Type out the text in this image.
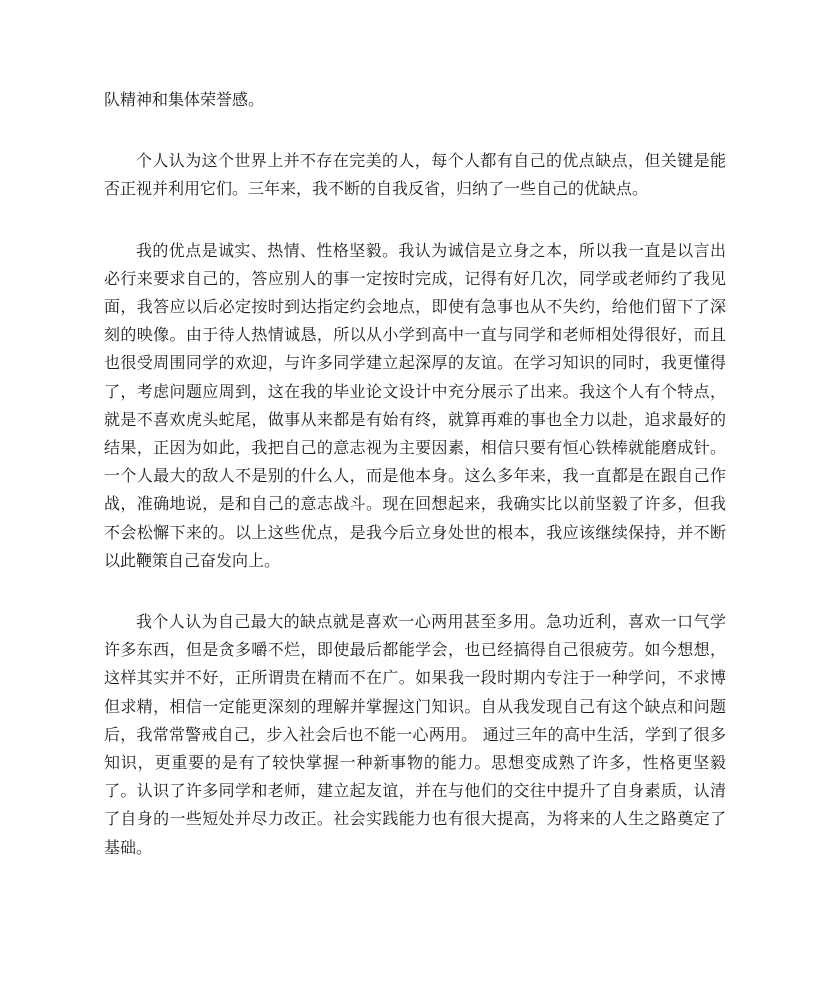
队精神和集体荣誉感。

个人认为这个世界上并不存在完美的人，每个人都有自己的优点缺点，但关键是能否正视并利用它们。三年来，我不断的自我反省，归纳了一些自己的优缺点。

我的优点是诚实、热情、性格坚毅。我认为诚信是立身之本，所以我一直是以言出必行来要求自己的，答应别人的事一定按时完成，记得有好几次，同学或老师约了我见面，我答应以后必定按时到达指定约会地点，即使有急事也从不失约，给他们留下了深刻的映像。由于待人热情诚恳，所以从小学到高中一直与同学和老师相处得很好，而且也很受周围同学的欢迎，与许多同学建立起深厚的友谊。在学习知识的同时，我更懂得了，考虑问题应周到，这在我的毕业论文设计中充分展示了出来。我这个人有个特点，就是不喜欢虎头蛇尾，做事从来都是有始有终，就算再难的事也全力以赴，追求最好的结果，正因为如此，我把自己的意志视为主要因素，相信只要有恒心铁棒就能磨成针。一个人最大的敌人不是别的什么人，而是他本身。这么多年来，我一直都是在跟自己作战，准确地说，是和自己的意志战斗。现在回想起来，我确实比以前坚毅了许多，但我不会松懈下来的。以上这些优点，是我今后立身处世的根本，我应该继续保持，并不断以此鞭策自己奋发向上。

我个人认为自己最大的缺点就是喜欢一心两用甚至多用。急功近利，喜欢一口气学许多东西，但是贪多嚼不烂，即使最后都能学会，也已经搞得自己很疲劳。如今想想，这样其实并不好，正所谓贵在精而不在广。如果我一段时期内专注于一种学问，不求博但求精，相信一定能更深刻的理解并掌握这门知识。自从我发现自己有这个缺点和问题后，我常常警戒自己，步入社会后也不能一心两用。 通过三年的高中生活，学到了很多知识，更重要的是有了较快掌握一种新事物的能力。思想变成熟了许多，性格更坚毅了。认识了许多同学和老师，建立起友谊，并在与他们的交往中提升了自身素质，认清了自身的一些短处并尽力改正。社会实践能力也有很大提高，为将来的人生之路奠定了基础。
